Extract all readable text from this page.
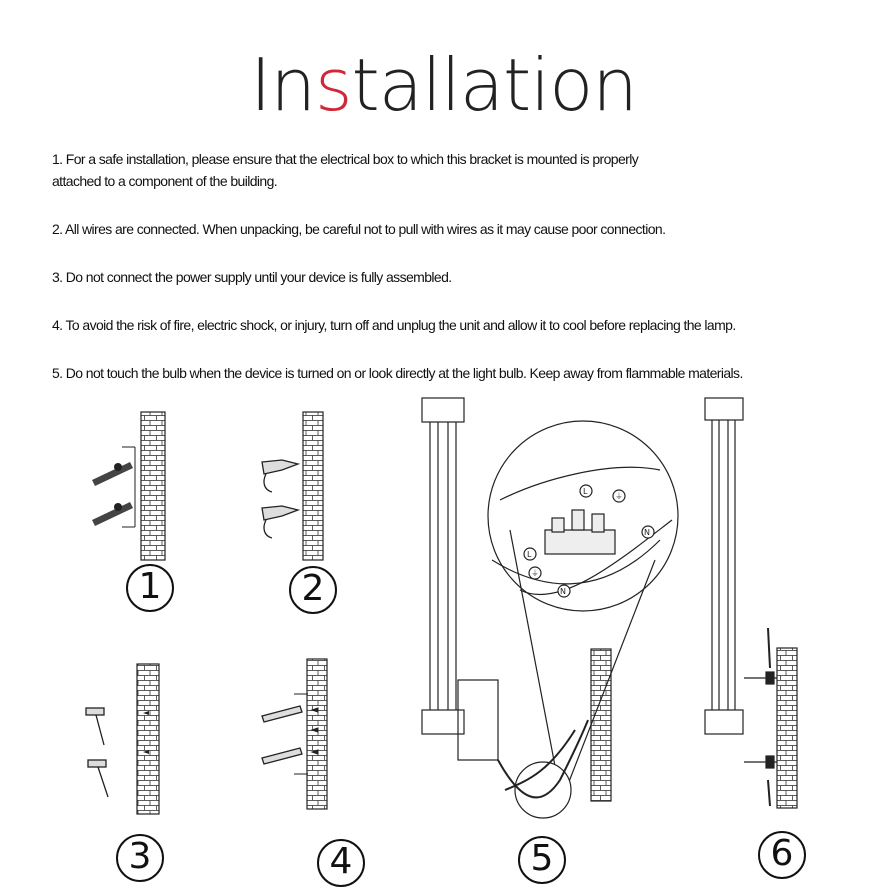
Installation
1. For a safe installation, please ensure that the electrical box to which this bracket is mounted is properly
attached to a component of the building.
2. All wires are connected. When unpacking, be careful not to pull with wires as it may cause poor connection.
3. Do not connect the power supply until your device is fully assembled.
4. To avoid the risk of fire, electric shock, or injury, turn off and unplug the unit and allow it to cool before replacing the lamp.
5. Do not touch the bulb when the device is turned on or look directly at the light bulb. Keep away from flammable materials.
L
⏚
N
L
⏚
N
1	2
3	4	5	6
